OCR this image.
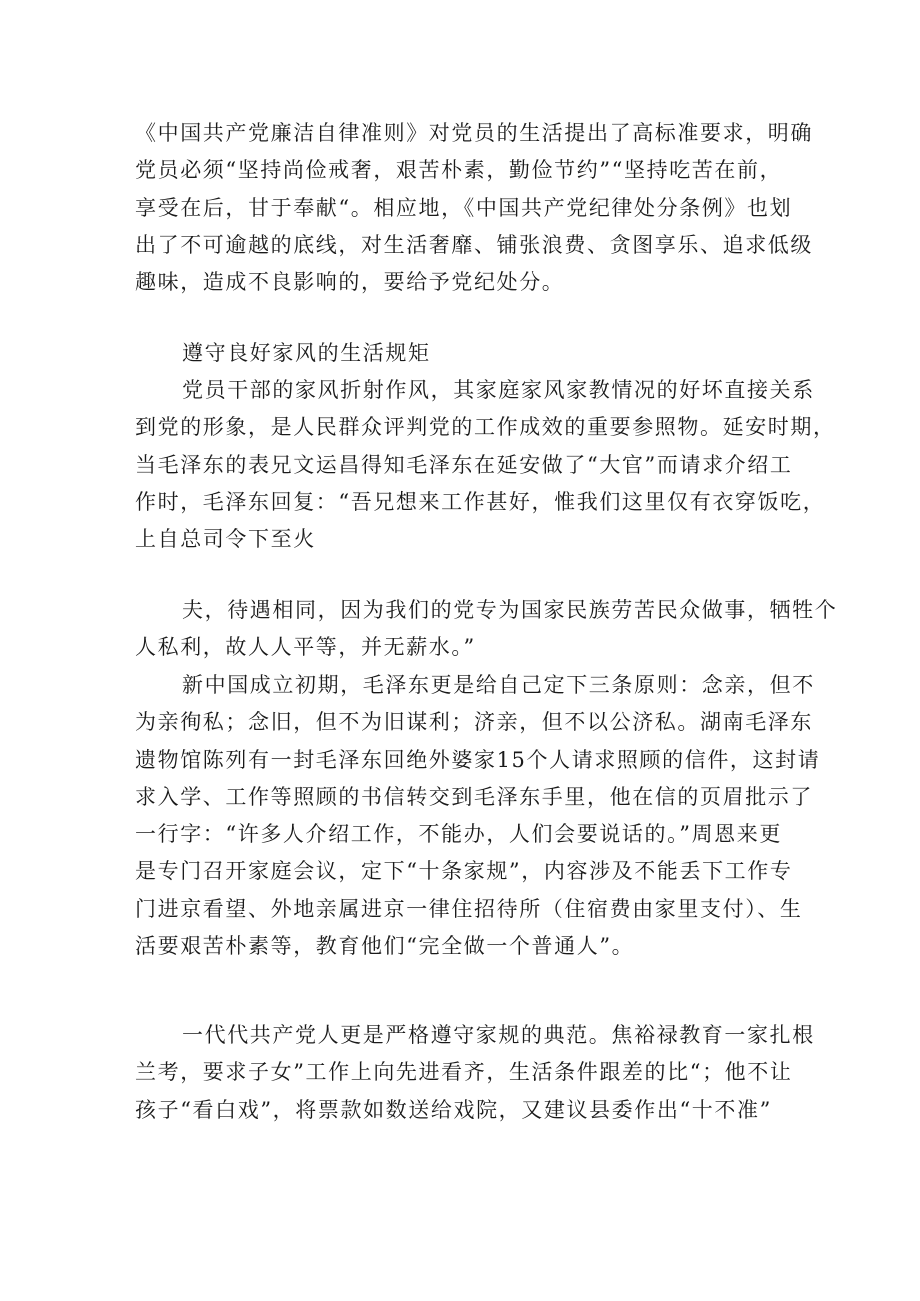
《中国共产党廉洁自律准则》对党员的生活提出了高标准要求，明确
党员必须“坚持尚俭戒奢，艰苦朴素，勤俭节约”“坚持吃苦在前，
享受在后，甘于奉献“。相应地，《中国共产党纪律处分条例》也划
出了不可逾越的底线，对生活奢靡、铺张浪费、贪图享乐、追求低级
趣味，造成不良影响的，要给予党纪处分。

遵守良好家风的生活规矩

党员干部的家风折射作风，其家庭家风家教情况的好坏直接关系
到党的形象，是人民群众评判党的工作成效的重要参照物。延安时期，
当毛泽东的表兄文运昌得知毛泽东在延安做了“大官”而请求介绍工
作时，毛泽东回复：“吾兄想来工作甚好，惟我们这里仅有衣穿饭吃，
上自总司令下至火

夫，待遇相同，因为我们的党专为国家民族劳苦民众做事，牺牲个
人私利，故人人平等，并无薪水。”

新中国成立初期，毛泽东更是给自己定下三条原则：念亲，但不
为亲徇私；念旧，但不为旧谋利；济亲，但不以公济私。湖南毛泽东
遗物馆陈列有一封毛泽东回绝外婆家15个人请求照顾的信件，这封请
求入学、工作等照顾的书信转交到毛泽东手里，他在信的页眉批示了
一行字：“许多人介绍工作，不能办，人们会要说话的。”周恩来更
是专门召开家庭会议，定下“十条家规”，内容涉及不能丢下工作专
门进京看望、外地亲属进京一律住招待所（住宿费由家里支付）、生
活要艰苦朴素等，教育他们“完全做一个普通人”。

一代代共产党人更是严格遵守家规的典范。焦裕禄教育一家扎根
兰考，要求子女”工作上向先进看齐，生活条件跟差的比“；他不让
孩子“看白戏”，将票款如数送给戏院，又建议县委作出“十不准”
